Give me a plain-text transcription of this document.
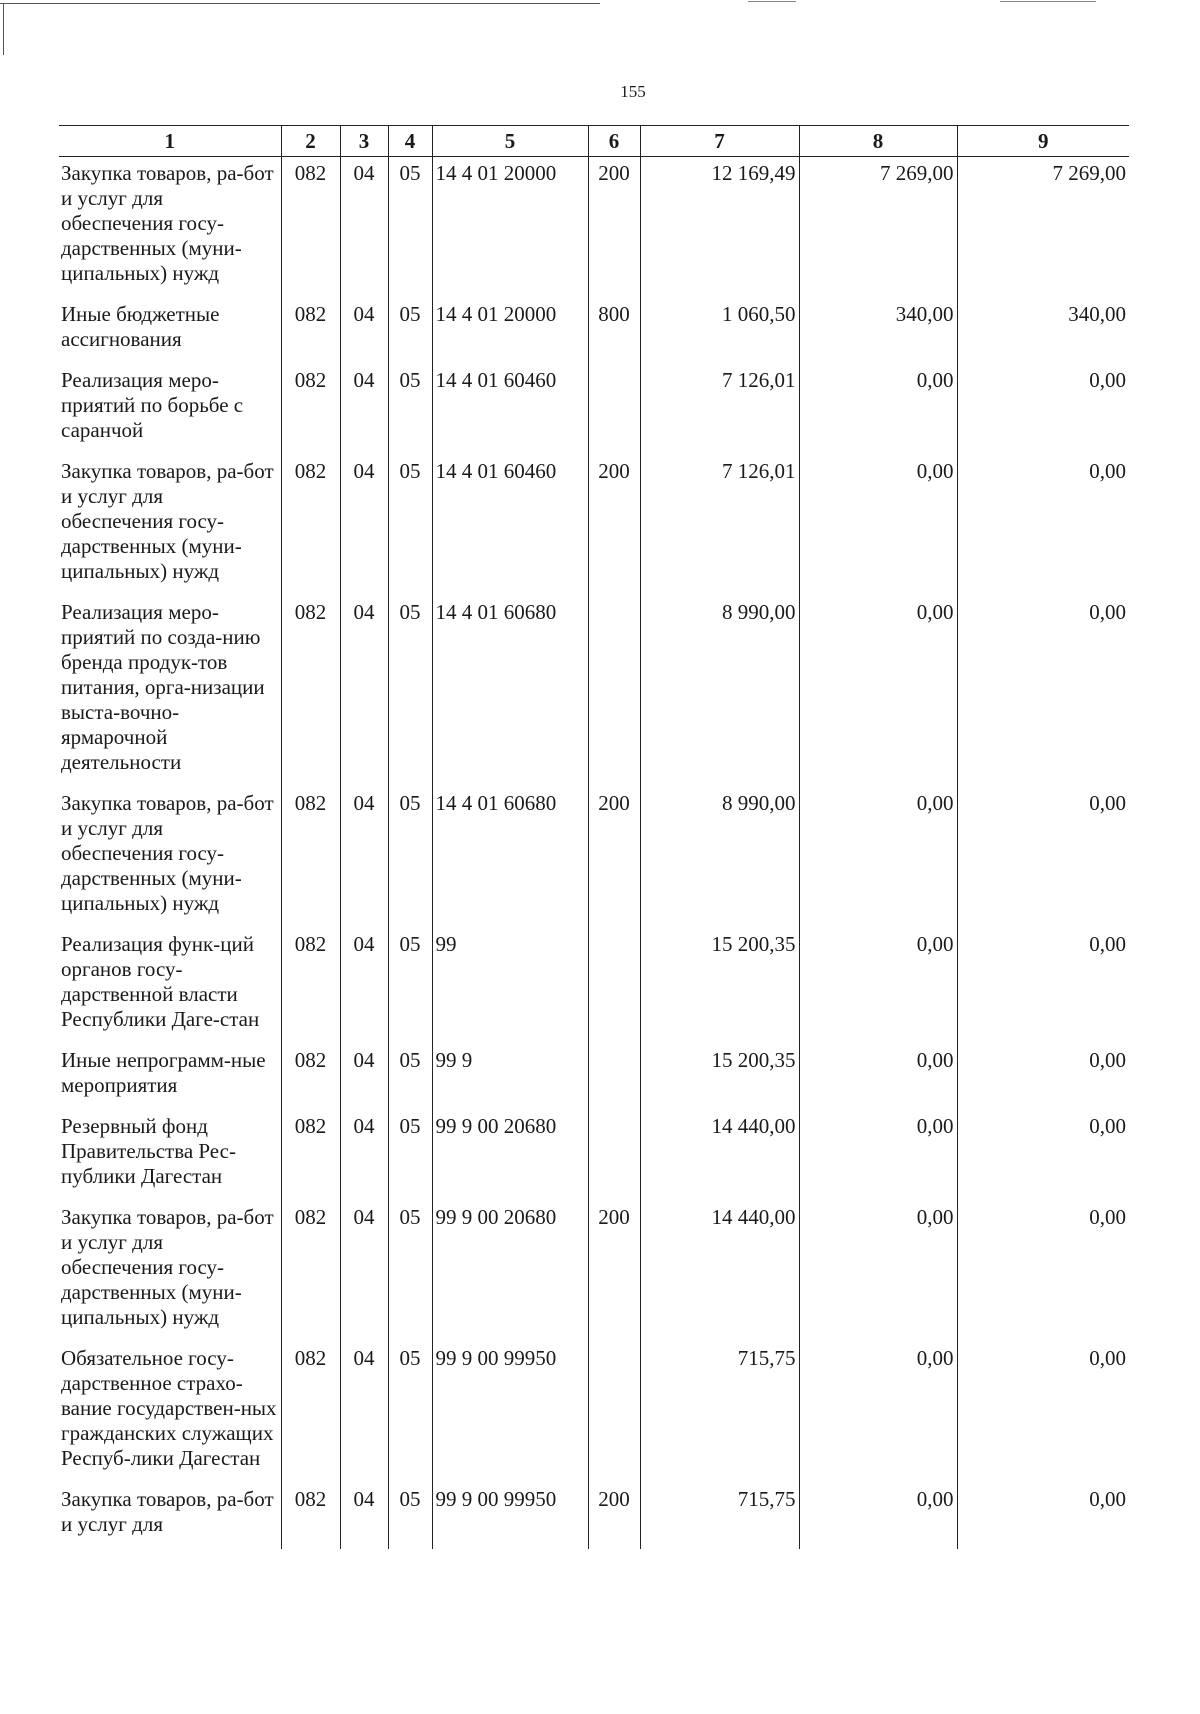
155
1	2	3	4	5	6	7	8	9
Закупка товаров, ра-бот и услуг для обеспечения госу-дарственных (муни-ципальных) нужд	082	04	05	14 4 01 20000	200	12 169,49	7 269,00	7 269,00
Иные бюджетные ассигнования	082	04	05	14 4 01 20000	800	1 060,50	340,00	340,00
Реализация меро-приятий по борьбе с саранчой	082	04	05	14 4 01 60460		7 126,01	0,00	0,00
Закупка товаров, ра-бот и услуг для обеспечения госу-дарственных (муни-ципальных) нужд	082	04	05	14 4 01 60460	200	7 126,01	0,00	0,00
Реализация меро-приятий по созда-нию бренда продук-тов питания, орга-низации выста-вочно-ярмарочной деятельности	082	04	05	14 4 01 60680		8 990,00	0,00	0,00
Закупка товаров, ра-бот и услуг для обеспечения госу-дарственных (муни-ципальных) нужд	082	04	05	14 4 01 60680	200	8 990,00	0,00	0,00
Реализация функ-ций органов госу-дарственной власти Республики Даге-стан	082	04	05	99		15 200,35	0,00	0,00
Иные непрограмм-ные мероприятия	082	04	05	99 9		15 200,35	0,00	0,00
Резервный фонд Правительства Рес-публики Дагестан	082	04	05	99 9 00 20680		14 440,00	0,00	0,00
Закупка товаров, ра-бот и услуг для обеспечения госу-дарственных (муни-ципальных) нужд	082	04	05	99 9 00 20680	200	14 440,00	0,00	0,00
Обязательное госу-дарственное страхо-вание государствен-ных гражданских служащих Респуб-лики Дагестан	082	04	05	99 9 00 99950		715,75	0,00	0,00
Закупка товаров, ра-бот и услуг для	082	04	05	99 9 00 99950	200	715,75	0,00	0,00
